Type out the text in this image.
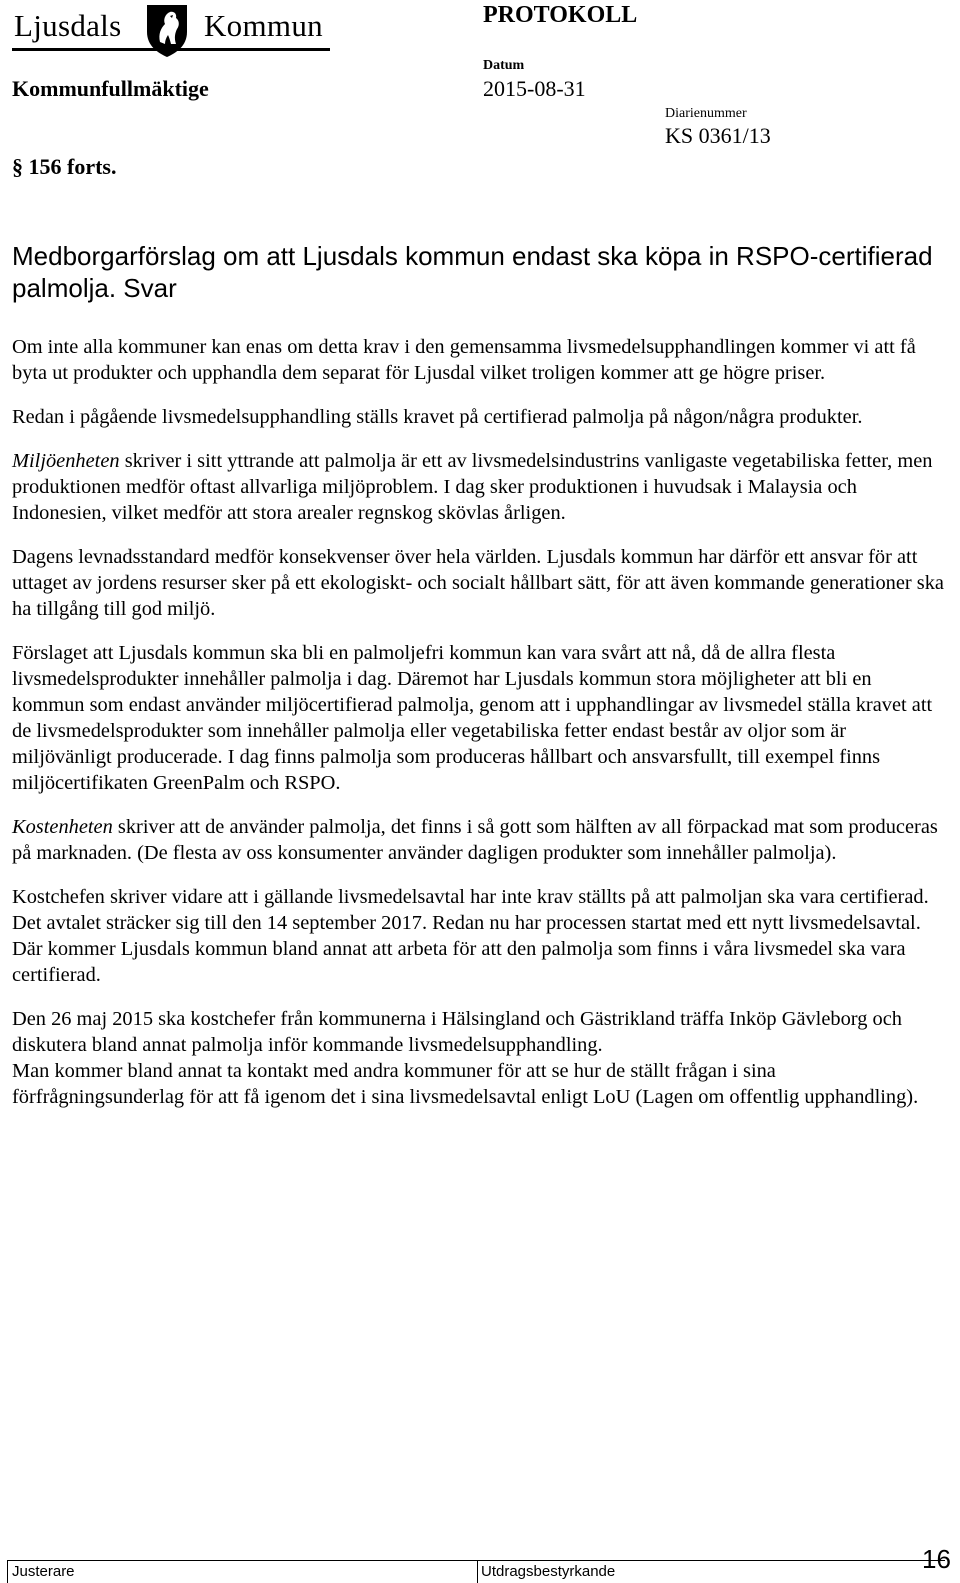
Ljusdals	Kommun	PROTOKOLL
Kommunfullmäktige
Datum
2015-08-31
Diarienummer
KS 0361/13
§ 156 forts.
Medborgarförslag om att Ljusdals kommun endast ska köpa in RSPO-certifierad palmolja. Svar

Om inte alla kommuner kan enas om detta krav i den gemensamma livsmedelsupphandlingen kommer vi att få byta ut produkter och upphandla dem separat för Ljusdal vilket troligen kommer att ge högre priser.

Redan i pågående livsmedelsupphandling ställs kravet på certifierad palmolja på någon/några produkter.

Miljöenheten skriver i sitt yttrande att palmolja är ett av livsmedelsindustrins vanligaste vegetabiliska fetter, men produktionen medför oftast allvarliga miljöproblem. I dag sker produktionen i huvudsak i Malaysia och Indonesien, vilket medför att stora arealer regnskog skövlas årligen.

Dagens levnadsstandard medför konsekvenser över hela världen. Ljusdals kommun har därför ett ansvar för att uttaget av jordens resurser sker på ett ekologiskt- och socialt hållbart sätt, för att även kommande generationer ska ha tillgång till god miljö.

Förslaget att Ljusdals kommun ska bli en palmoljefri kommun kan vara svårt att nå, då de allra flesta livsmedelsprodukter innehåller palmolja i dag. Däremot har Ljusdals kommun stora möjligheter att bli en kommun som endast använder miljöcertifierad palmolja, genom att i upphandlingar av livsmedel ställa kravet att de livsmedelsprodukter som innehåller palmolja eller vegetabiliska fetter endast består av oljor som är miljövänligt producerade. I dag finns palmolja som produceras hållbart och ansvarsfullt, till exempel finns miljöcertifikaten GreenPalm och RSPO.

Kostenheten skriver att de använder palmolja, det finns i så gott som hälften av all förpackad mat som produceras på marknaden. (De flesta av oss konsumenter använder dagligen produkter som innehåller palmolja).

Kostchefen skriver vidare att i gällande livsmedelsavtal har inte krav ställts på att palmoljan ska vara certifierad. Det avtalet sträcker sig till den 14 september 2017. Redan nu har processen startat med ett nytt livsmedelsavtal. Där kommer Ljusdals kommun bland annat att arbeta för att den palmolja som finns i våra livsmedel ska vara certifierad.

Den 26 maj 2015 ska kostchefer från kommunerna i Hälsingland och Gästrikland träffa Inköp Gävleborg och diskutera bland annat palmolja inför kommande livsmedelsupphandling.

Man kommer bland annat ta kontakt med andra kommuner för att se hur de ställt frågan i sina förfrågningsunderlag för att få igenom det i sina livsmedelsavtal enligt LoU (Lagen om offentlig upphandling).

Justerare	Utdragsbestyrkande	16
